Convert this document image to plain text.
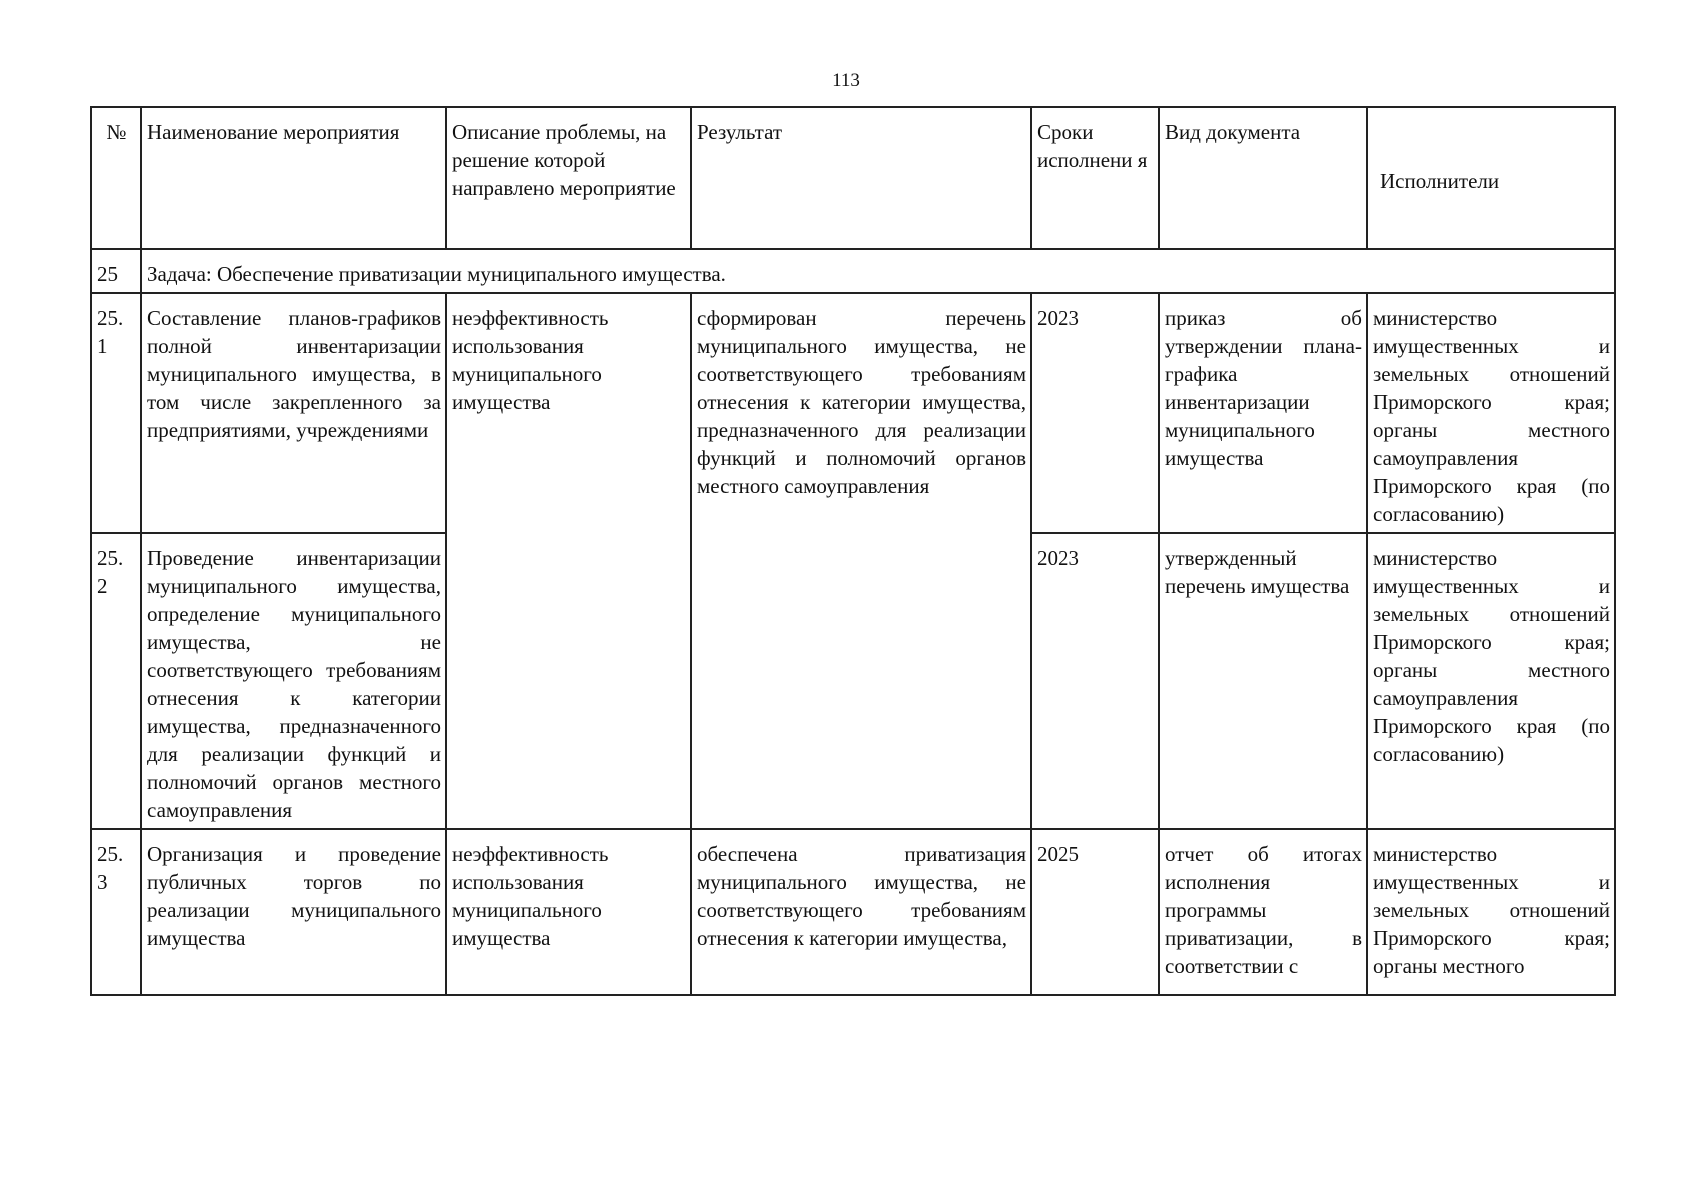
113
№	Наименование мероприятия	Описание проблемы, на решение которой направлено мероприятие	Результат	Сроки исполнени я	Вид документа	Исполнители
25	Задача: Обеспечение приватизации муниципального имущества.					
25. 1	Составление планов-графиков полной инвентаризации муниципального имущества, в том числе закрепленного за предприятиями, учреждениями	неэффективность использования муниципального имущества	сформирован перечень муниципального имущества, не соответствующего требованиям отнесения к категории имущества, предназначенного для реализации функций и полномочий органов местного самоуправления	2023	приказ об утверждении плана-графика инвентаризации муниципального имущества	министерство имущественных и земельных отношений Приморского края; органы местного самоуправления Приморского края (по согласованию)
25. 2	Проведение инвентаризации муниципального имущества, определение муниципального имущества, не соответствующего требованиям отнесения к категории имущества, предназначенного для реализации функций и полномочий органов местного самоуправления			2023	утвержденный перечень имущества	министерство имущественных и земельных отношений Приморского края; органы местного самоуправления Приморского края (по согласованию)
25. 3	Организация и проведение публичных торгов по реализации муниципального имущества	неэффективность использования муниципального имущества	обеспечена приватизация муниципального имущества, не соответствующего требованиям отнесения к категории имущества,	2025	отчет об итогах исполнения программы приватизации, в соответствии с	министерство имущественных и земельных отношений Приморского края; органы местного
